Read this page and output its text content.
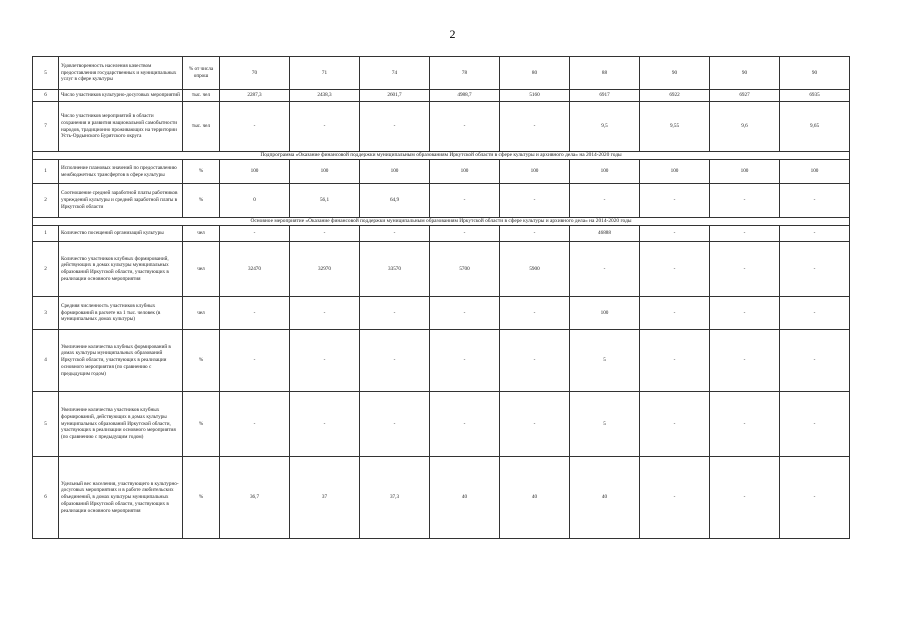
2
5	Удовлетворенность населения качеством предоставления государственных и муниципальных услуг в сфере культуры	% от числа опрош	70	71	74	78	80	88	90	90	90
6	Число участников культурно-досуговых мероприятий	тыс. чел	2287,3	2438,3	2601,7	4988,7	5160	6917	6922	6927	6935
7	Число участников мероприятий в области сохранения и развития национальной самобытности народов, традиционно проживающих на территории Усть-Ордынского Бурятского округа	тыс. чел	-	-	-	-	-	9,5	9,55	9,6	9,65
Подпрограмма «Оказание финансовой поддержки муниципальным образованиям Иркутской области в сфере культуры и архивного дела» на 2014-2020 годы											
1	Исполнение плановых значений по предоставлению межбюджетных трансфертов в сфере культуры	%	100	100	100	100	100	100	100	100	100
2	Соотношение средней заработной платы работников учреждений культуры и средней заработной платы в Иркутской области	%	0	56,1	64,9	-	-	-	-	-	-
Основное мероприятие «Оказание финансовой поддержки муниципальным образованиям Иркутской области в сфере культуры и архивного дела» на 2014-2020 годы											
1	Количество посещений организаций культуры	чел	-	-	-	-	-	46888	-	-	-
2	Количество участников клубных формирований, действующих в домах культуры муниципальных образований Иркутской области, участвующих в реализации основного мероприятия	чел	32470	32970	33570	5700	5900	-	-	-	-
3	Средняя численность участников клубных формирований в расчете на 1 тыс. человек (в муниципальных домах культуры)	чел	-	-	-	-	-	100	-	-	-
4	Увеличение количества клубных формирований в домах культуры муниципальных образований Иркутской области, участвующих в реализации основного мероприятия (по сравнению с предыдущим годом)	%	-	-	-	-	-	5	-	-	-
5	Увеличение количества участников клубных формирований, действующих в домах культуры муниципальных образований Иркутской области, участвующих в реализации основного мероприятия (по сравнению с предыдущим годом)	%	-	-	-	-	-	5	-	-	-
6	Удельный вес населения, участвующего в культурно-досуговых мероприятиях и в работе любительских объединений, в домах культуры муниципальных образований Иркутской области, участвующих в реализации основного мероприятия	%	36,7	37	37,3	40	40	40	-	-	-
